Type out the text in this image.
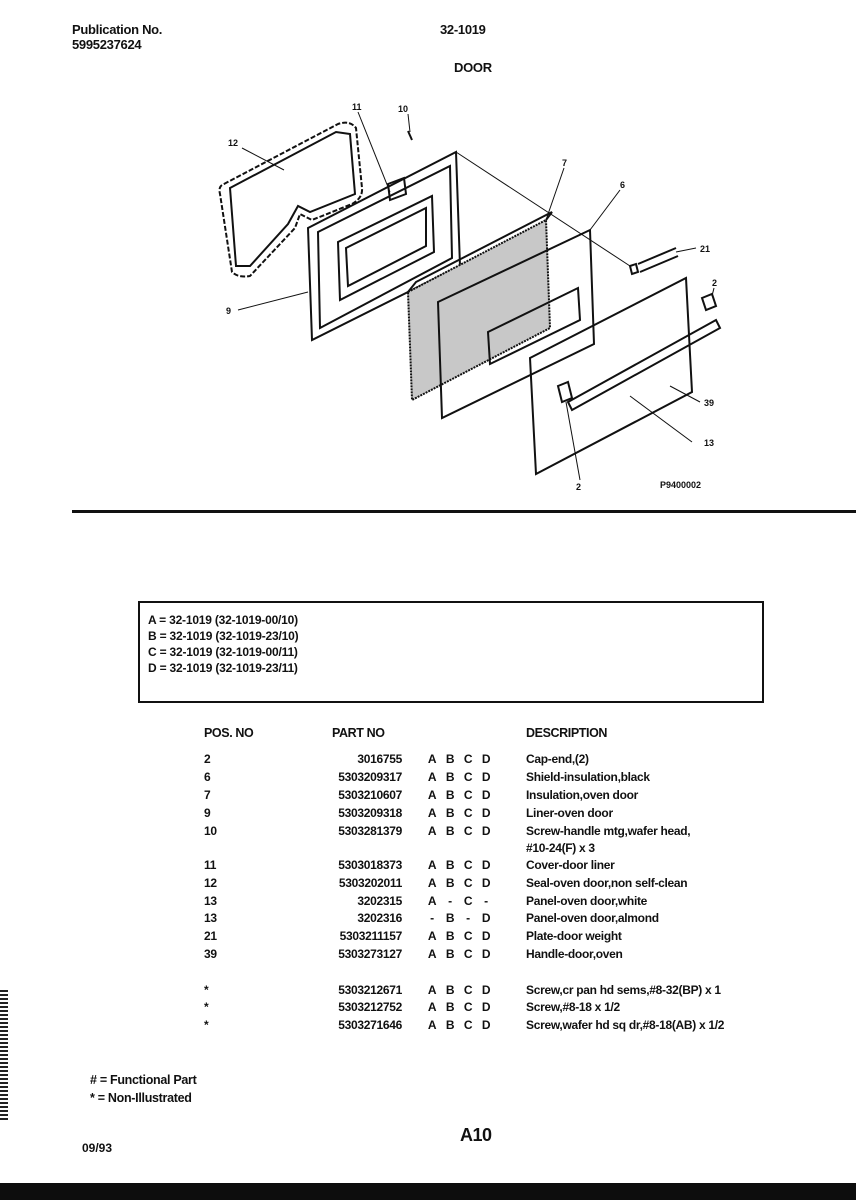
Publication No.
5995237624
32-1019
DOOR
12
11	10
7
6
21
2
9
39
13
2	P9400002
A = 32-1019 (32-1019-00/10)
B = 32-1019 (32-1019-23/10)
C = 32-1019 (32-1019-00/11)
D = 32-1019 (32-1019-23/11)
POS. NO	PART NO	DESCRIPTION
2	3016755 A B C D	Cap-end,(2)
6	5303209317 A B C D	Shield-insulation,black
7	5303210607 A B C D	Insulation,oven door
9	5303209318 A B C D	Liner-oven door
10	5303281379 A B C D	Screw-handle mtg,wafer head,
#10-24(F) x 3
11	5303018373 A B C D	Cover-door liner
12	5303202011 A B C D	Seal-oven door,non self-clean
13	3202315 A - C -	Panel-oven door,white
13	3202316	- B - D	Panel-oven door,almond
21	5303211157 A B C D	Plate-door weight
39	5303273127 A B C D	Handle-door,oven
*	5303212671 A B C D	Screw,cr pan hd sems,#8-32(BP) x 1
*	5303212752 A B C D	Screw,#8-18 x 1/2
*	5303271646 A B C D	Screw,wafer hd sq dr,#8-18(AB) x 1/2
# = Functional Part
* = Non-Illustrated
09/93
A10
